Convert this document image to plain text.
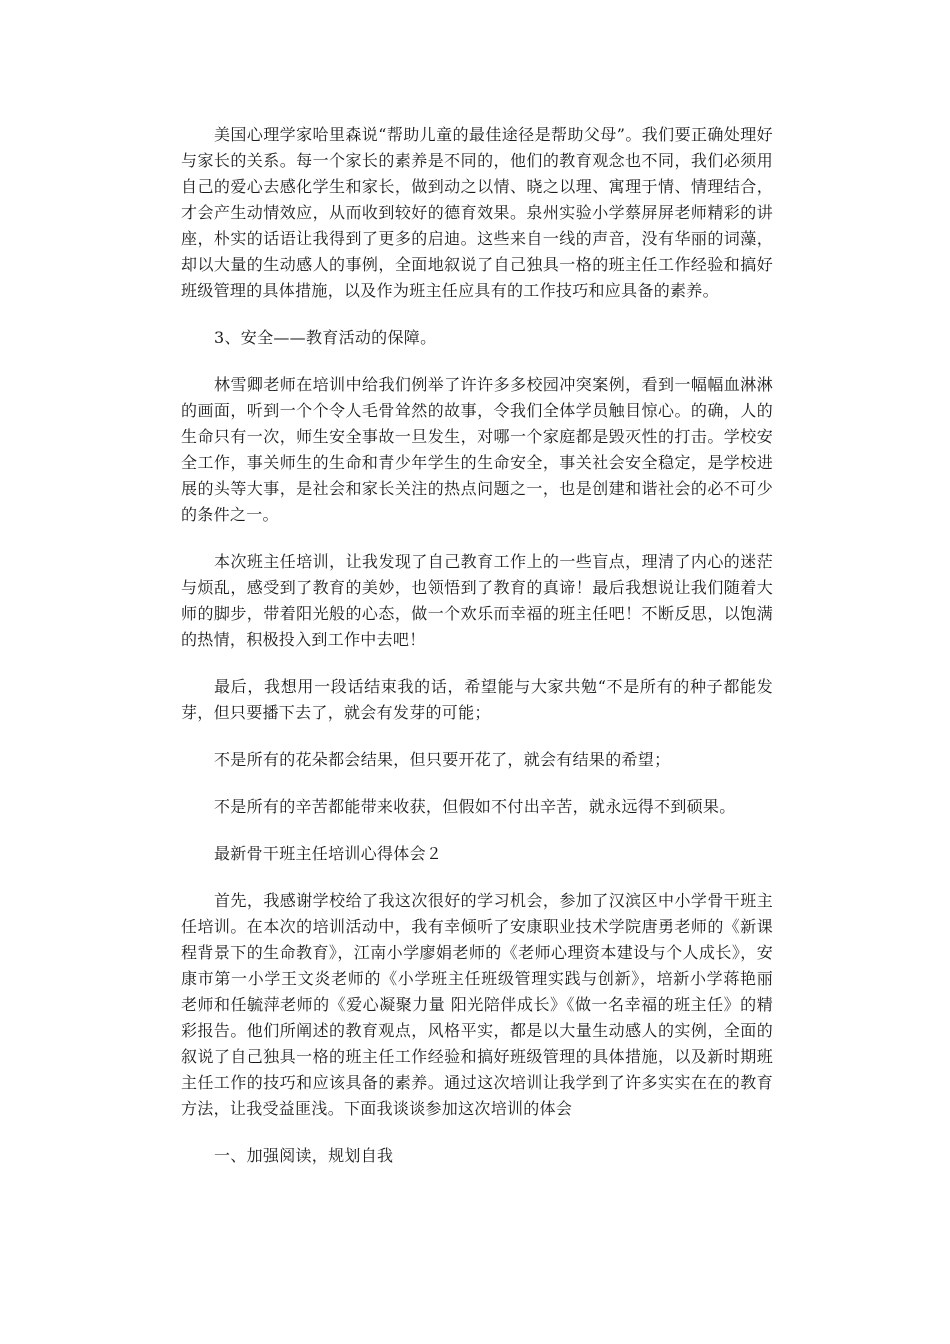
美国心理学家哈里森说“帮助儿童的最佳途径是帮助父母”。我们要正确处理好与家长的关系。每一个家长的素养是不同的，他们的教育观念也不同，我们必须用自己的爱心去感化学生和家长，做到动之以情、晓之以理、寓理于情、情理结合，才会产生动情效应，从而收到较好的德育效果。泉州实验小学蔡屏屏老师精彩的讲座，朴实的话语让我得到了更多的启迪。这些来自一线的声音，没有华丽的词藻，却以大量的生动感人的事例，全面地叙说了自己独具一格的班主任工作经验和搞好班级管理的具体措施，以及作为班主任应具有的工作技巧和应具备的素养。

3、安全——教育活动的保障。

林雪卿老师在培训中给我们例举了许许多多校园冲突案例，看到一幅幅血淋淋的画面，听到一个个令人毛骨耸然的故事，令我们全体学员触目惊心。的确，人的生命只有一次，师生安全事故一旦发生，对哪一个家庭都是毁灭性的打击。学校安全工作，事关师生的生命和青少年学生的生命安全，事关社会安全稳定，是学校进展的头等大事，是社会和家长关注的热点问题之一，也是创建和谐社会的必不可少的条件之一。

本次班主任培训，让我发现了自己教育工作上的一些盲点，理清了内心的迷茫与烦乱，感受到了教育的美妙，也领悟到了教育的真谛！最后我想说让我们随着大师的脚步，带着阳光般的心态，做一个欢乐而幸福的班主任吧！不断反思，以饱满的热情，积极投入到工作中去吧！

最后，我想用一段话结束我的话，希望能与大家共勉“不是所有的种子都能发芽，但只要播下去了，就会有发芽的可能；

不是所有的花朵都会结果，但只要开花了，就会有结果的希望；

不是所有的辛苦都能带来收获，但假如不付出辛苦，就永远得不到硕果。

最新骨干班主任培训心得体会２

首先，我感谢学校给了我这次很好的学习机会，参加了汉滨区中小学骨干班主任培训。在本次的培训活动中，我有幸倾听了安康职业技术学院唐勇老师的《新课程背景下的生命教育》，江南小学廖娟老师的《老师心理资本建设与个人成长》，安康市第一小学王文炎老师的《小学班主任班级管理实践与创新》，培新小学蒋艳丽老师和任毓萍老师的《爱心凝聚力量 阳光陪伴成长》《做一名幸福的班主任》的精彩报告。他们所阐述的教育观点，风格平实，都是以大量生动感人的实例，全面的叙说了自己独具一格的班主任工作经验和搞好班级管理的具体措施，以及新时期班主任工作的技巧和应该具备的素养。通过这次培训让我学到了许多实实在在的教育方法，让我受益匪浅。下面我谈谈参加这次培训的体会

一、加强阅读，规划自我
